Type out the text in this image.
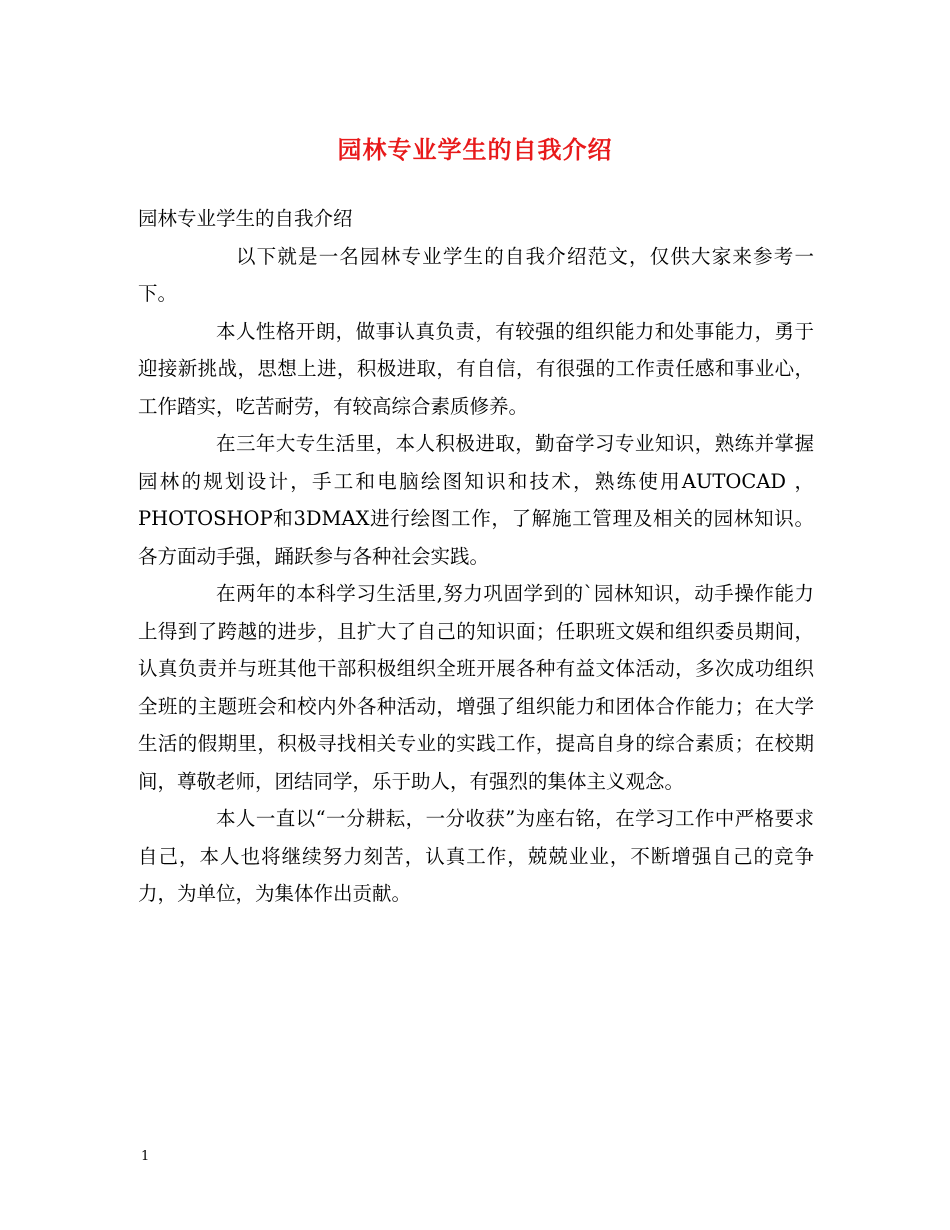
园林专业学生的自我介绍

园林专业学生的自我介绍

以下就是一名园林专业学生的自我介绍范文，仅供大家来参考一下。

本人性格开朗，做事认真负责，有较强的组织能力和处事能力，勇于迎接新挑战，思想上进，积极进取，有自信，有很强的工作责任感和事业心，工作踏实，吃苦耐劳，有较高综合素质修养。

在三年大专生活里，本人积极进取，勤奋学习专业知识，熟练并掌握园林的规划设计，手工和电脑绘图知识和技术，熟练使用AUTOCAD ，PHOTOSHOP和3DMAX进行绘图工作，了解施工管理及相关的园林知识。各方面动手强，踊跃参与各种社会实践。

在两年的本科学习生活里,努力巩固学到的`园林知识，动手操作能力上得到了跨越的进步，且扩大了自己的知识面；任职班文娱和组织委员期间，认真负责并与班其他干部积极组织全班开展各种有益文体活动，多次成功组织全班的主题班会和校内外各种活动，增强了组织能力和团体合作能力；在大学生活的假期里，积极寻找相关专业的实践工作，提高自身的综合素质；在校期间，尊敬老师，团结同学，乐于助人，有强烈的集体主义观念。

本人一直以“一分耕耘，一分收获”为座右铭，在学习工作中严格要求自己，本人也将继续努力刻苦，认真工作，兢兢业业，不断增强自己的竞争力，为单位，为集体作出贡献。

1
